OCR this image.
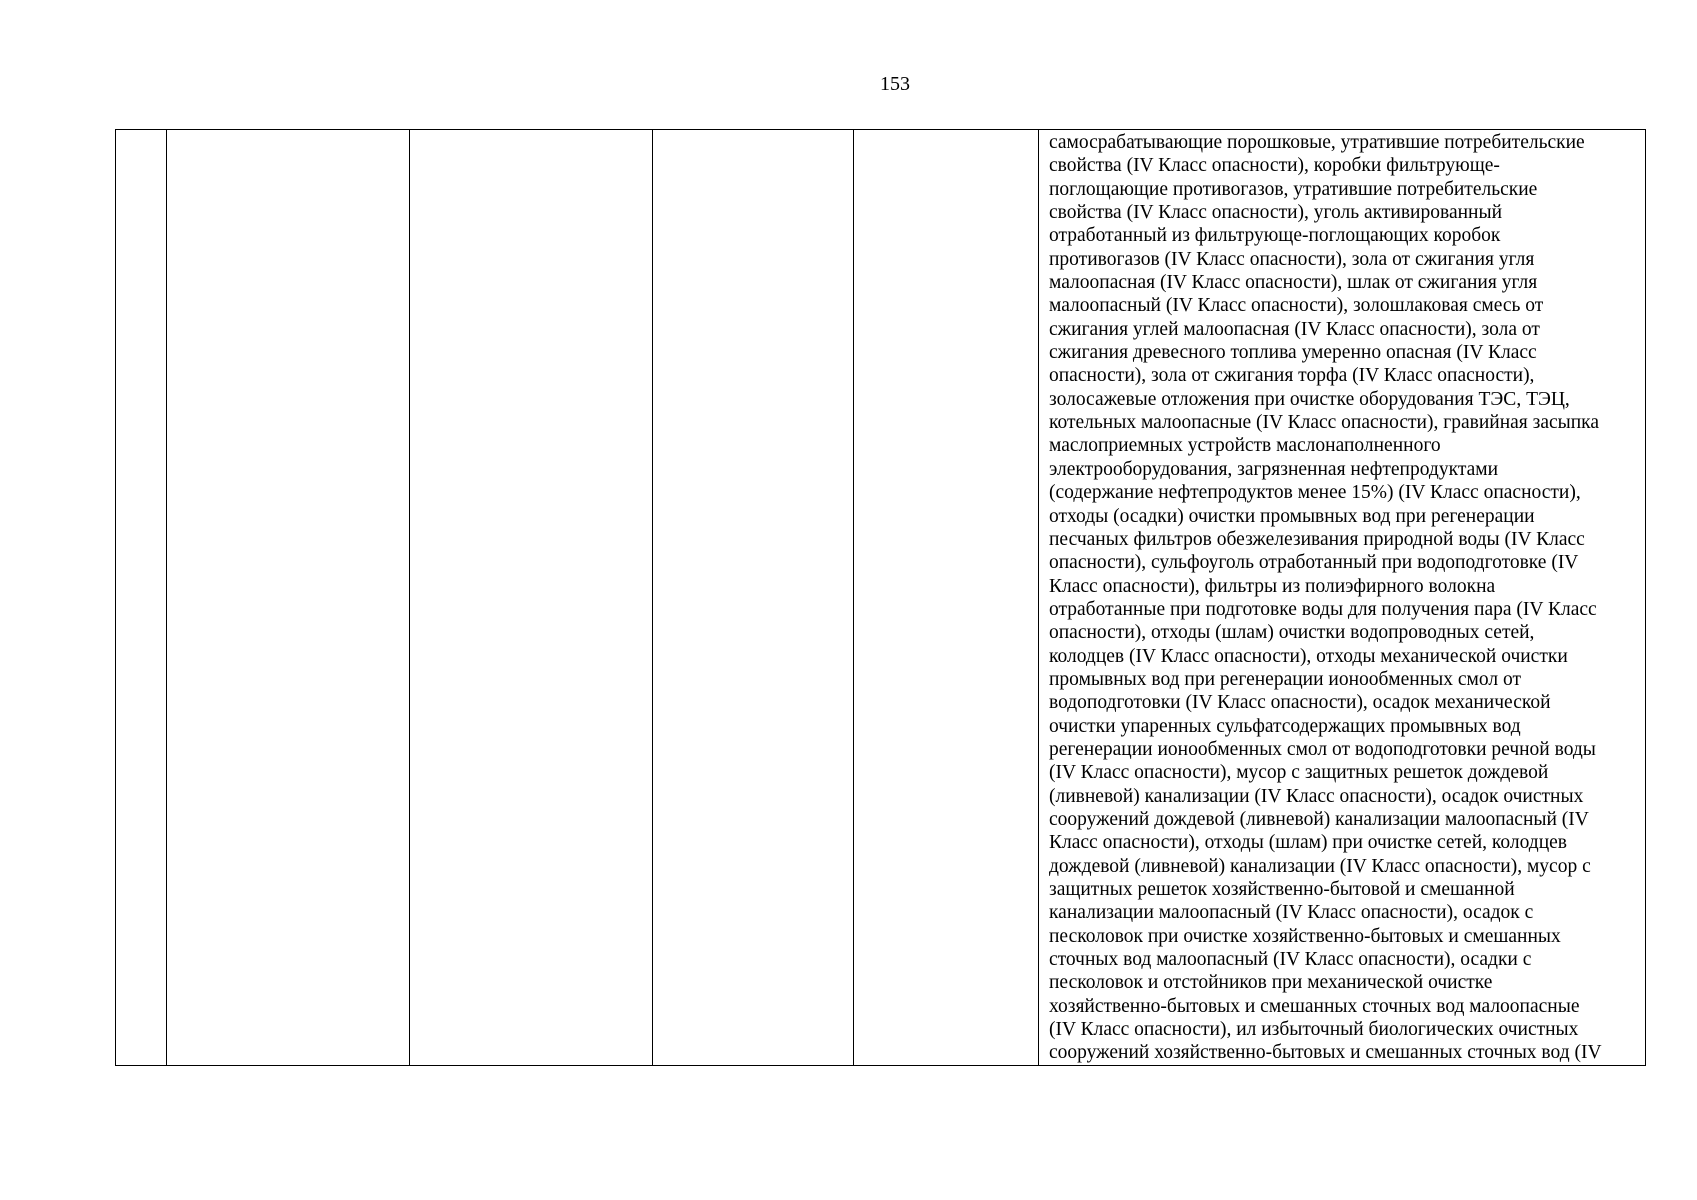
153

самосрабатывающие порошковые, утратившие потребительские
свойства (IV Класс опасности), коробки фильтрующе-
поглощающие противогазов, утратившие потребительские
свойства (IV Класс опасности), уголь активированный
отработанный из фильтрующе-поглощающих коробок
противогазов (IV Класс опасности), зола от сжигания угля
малоопасная (IV Класс опасности), шлак от сжигания угля
малоопасный (IV Класс опасности), золошлаковая смесь от
сжигания углей малоопасная (IV Класс опасности), зола от
сжигания древесного топлива умеренно опасная (IV Класс
опасности), зола от сжигания торфа (IV Класс опасности),
золосажевые отложения при очистке оборудования ТЭС, ТЭЦ,
котельных малоопасные (IV Класс опасности), гравийная засыпка
маслоприемных устройств маслонаполненного
электрооборудования, загрязненная нефтепродуктами
(содержание нефтепродуктов менее 15%) (IV Класс опасности),
отходы (осадки) очистки промывных вод при регенерации
песчаных фильтров обезжелезивания природной воды (IV Класс
опасности), сульфоуголь отработанный при водоподготовке (IV
Класс опасности), фильтры из полиэфирного волокна
отработанные при подготовке воды для получения пара (IV Класс
опасности), отходы (шлам) очистки водопроводных сетей,
колодцев (IV Класс опасности), отходы механической очистки
промывных вод при регенерации ионообменных смол от
водоподготовки (IV Класс опасности), осадок механической
очистки упаренных сульфатсодержащих промывных вод
регенерации ионообменных смол от водоподготовки речной воды
(IV Класс опасности), мусор с защитных решеток дождевой
(ливневой) канализации (IV Класс опасности), осадок очистных
сооружений дождевой (ливневой) канализации малоопасный (IV
Класс опасности), отходы (шлам) при очистке сетей, колодцев
дождевой (ливневой) канализации (IV Класс опасности), мусор с
защитных решеток хозяйственно-бытовой и смешанной
канализации малоопасный (IV Класс опасности), осадок с
песколовок при очистке хозяйственно-бытовых и смешанных
сточных вод малоопасный (IV Класс опасности), осадки с
песколовок и отстойников при механической очистке
хозяйственно-бытовых и смешанных сточных вод малоопасные
(IV Класс опасности), ил избыточный биологических очистных
сооружений хозяйственно-бытовых и смешанных сточных вод (IV
